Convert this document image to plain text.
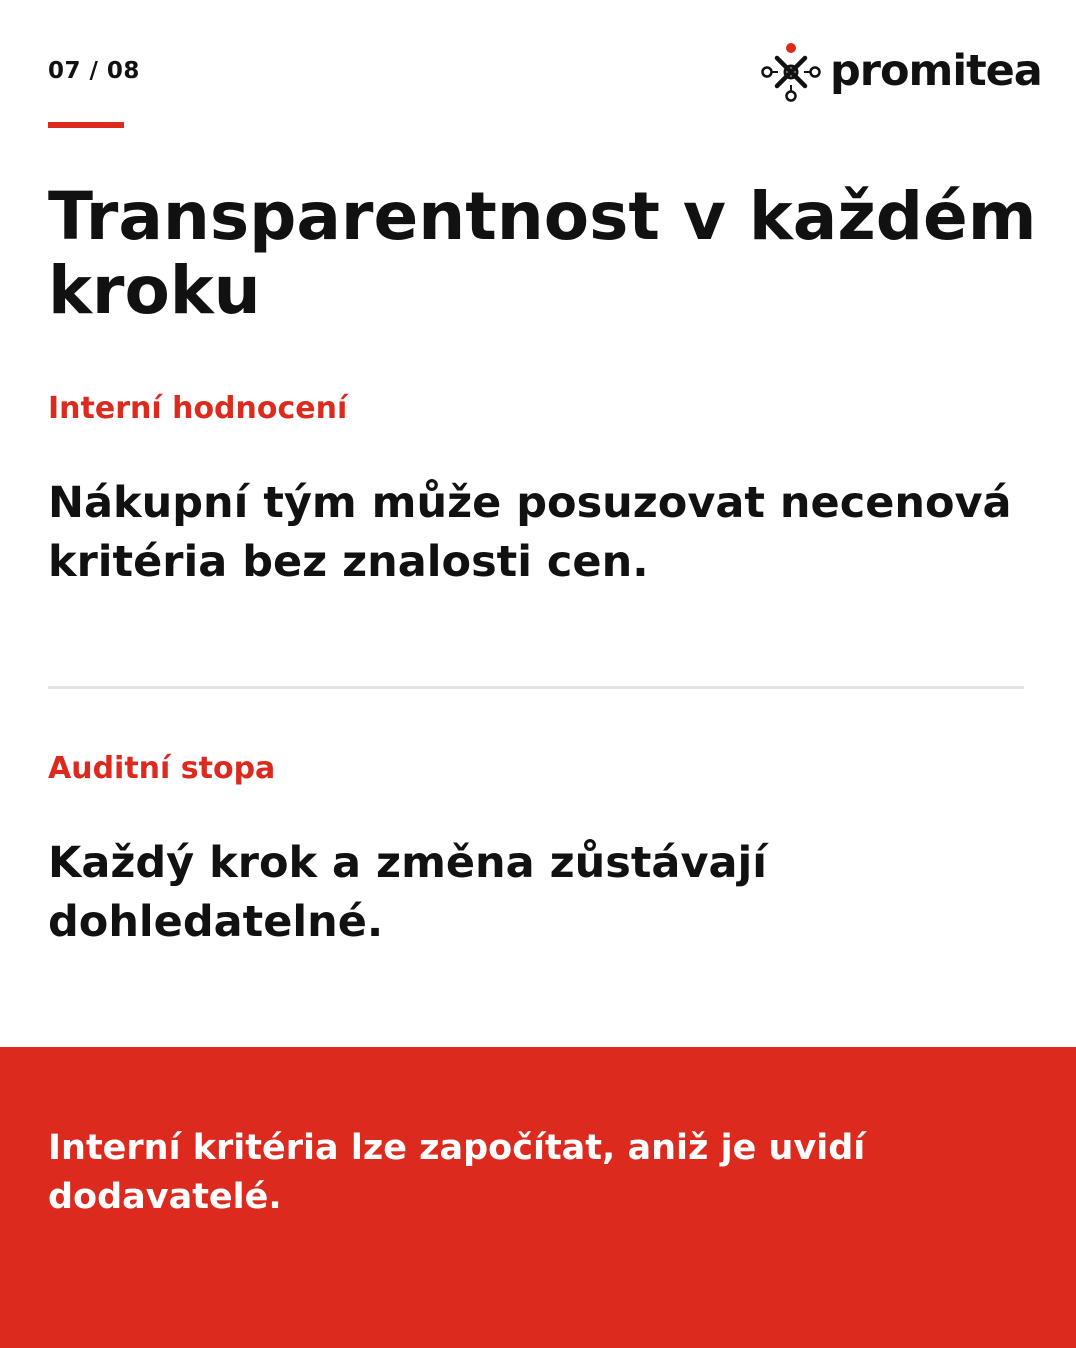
07 / 08	promitea
Transparentnost v každém kroku
Interní hodnocení

Nákupní tým může posuzovat necenová kritéria bez znalosti cen.

Auditní stopa

Každý krok a změna zůstávají dohledatelné.

Interní kritéria lze započítat, aniž je uvidí dodavatelé.
